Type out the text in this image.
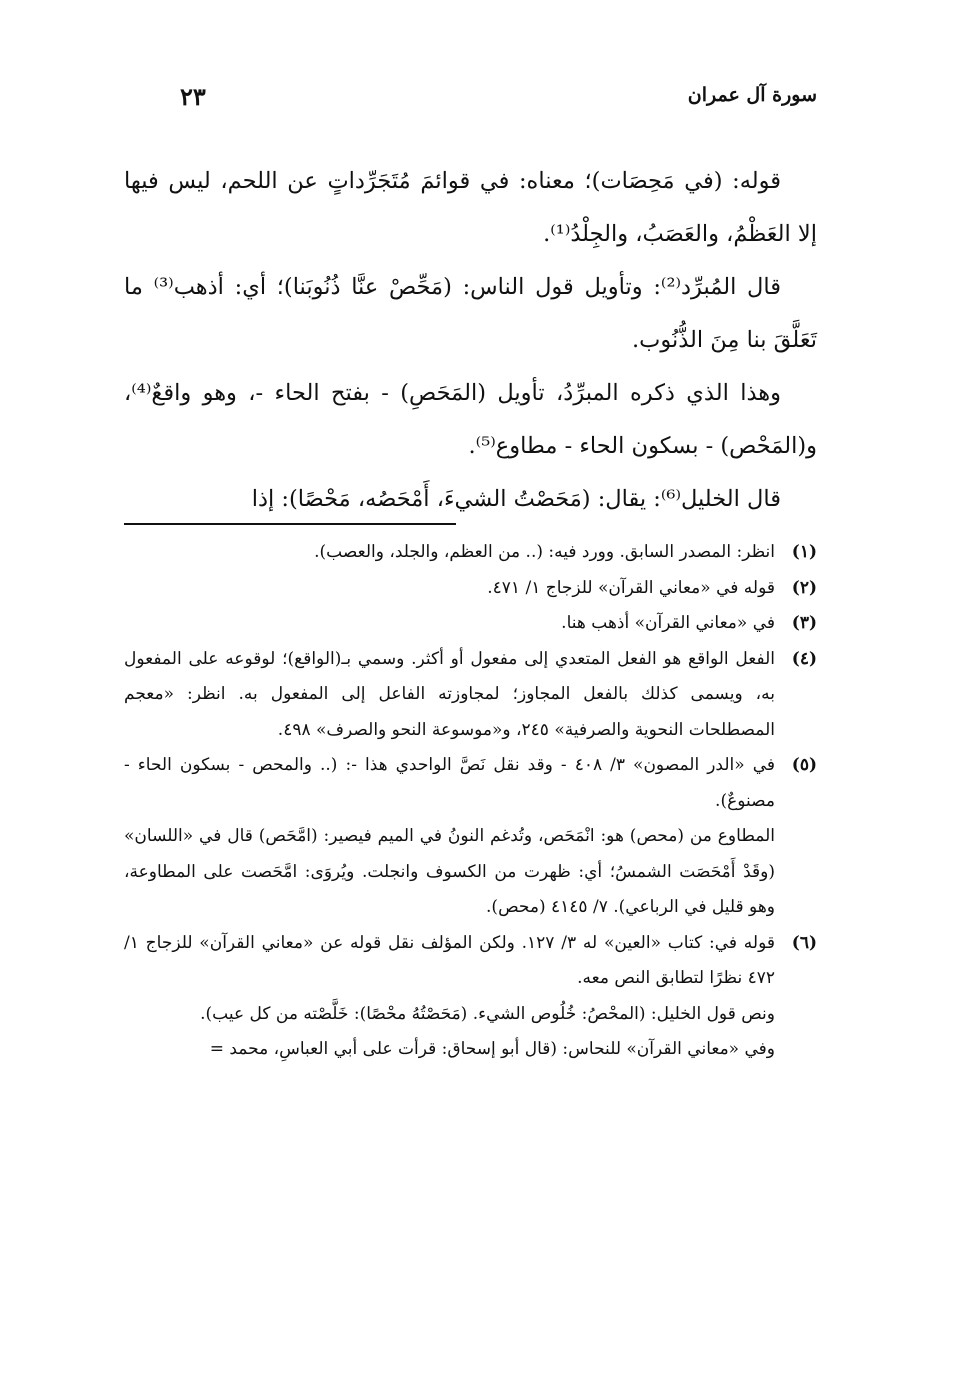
سورة آل عمران
٢٣

قوله: (في مَحِصَات)؛ معناه: في قوائمَ مُتَجَرِّداتٍ عن اللحم، ليس فيها إلا العَظْمُ، والعَصَبُ، والجِلْدُ⁽¹⁾.

قال المُبرِّد⁽²⁾: وتأويل قول الناس: (مَحِّصْ عنَّا ذُنُوبَنا)؛ أي: أذهب⁽³⁾ ما تَعَلَّقَ بنا مِنَ الذُّنُوب.

وهذا الذي ذكره المبرِّدُ، تأويل (المَحَصِ) - بفتح الحاء -، وهو واقعٌ⁽⁴⁾، و(المَحْص) - بسكون الحاء - مطاوع⁽⁵⁾.

قال الخليل⁽⁶⁾: يقال: (مَحَصْتُ الشيءَ، أَمْحَصُه، مَحْصًا): إذا

(١)

انظر: المصدر السابق. وورد فيه: (.. من العظم، والجلد، والعصب).

(٢)

قوله في «معاني القرآن» للزجاج ١/ ٤٧١.

(٣)

في «معاني القرآن» أذهب هنا.

(٤)

الفعل الواقع هو الفعل المتعدي إلى مفعول أو أكثر. وسمي بـ(الواقع)؛ لوقوعه على المفعول به، ويسمى كذلك بالفعل المجاوز؛ لمجاوزته الفاعل إلى المفعول به. انظر: «معجم المصطلحات النحوية والصرفية» ٢٤٥، و«موسوعة النحو والصرف» ٤٩٨.

(٥)

في «الدر المصون» ٣/ ٤٠٨ - وقد نقل نَصَّ الواحدي هذا -: (.. والمحص - بسكون الحاء - مصنوعٌ).

المطاوع من (محص) هو: انْمَحَص، وتُدغم النونُ في الميم فيصير: (امَّحَص) قال في «اللسان» (وقَدْ أَمْحَصَت الشمسُ؛ أي: ظهرت من الكسوف وانجلت. ويُروَى: امَّحَصت على المطاوعة، وهو قليل في الرباعي). ٧/ ٤١٤٥ (محص).

(٦)

قوله في: كتاب «العين» له ٣/ ١٢٧. ولكن المؤلف نقل قوله عن «معاني القرآن» للزجاج ١/ ٤٧٢ نظرًا لتطابق النص معه.

ونص قول الخليل: (المحْصُ: خُلُوص الشيء. (مَحَصْتُهُ محْصًا): خَلَّصْته من كل عيب).

وفي «معاني القرآن» للنحاس: (قال أبو إسحاق: قرأت على أبي العباسِ، محمد =
